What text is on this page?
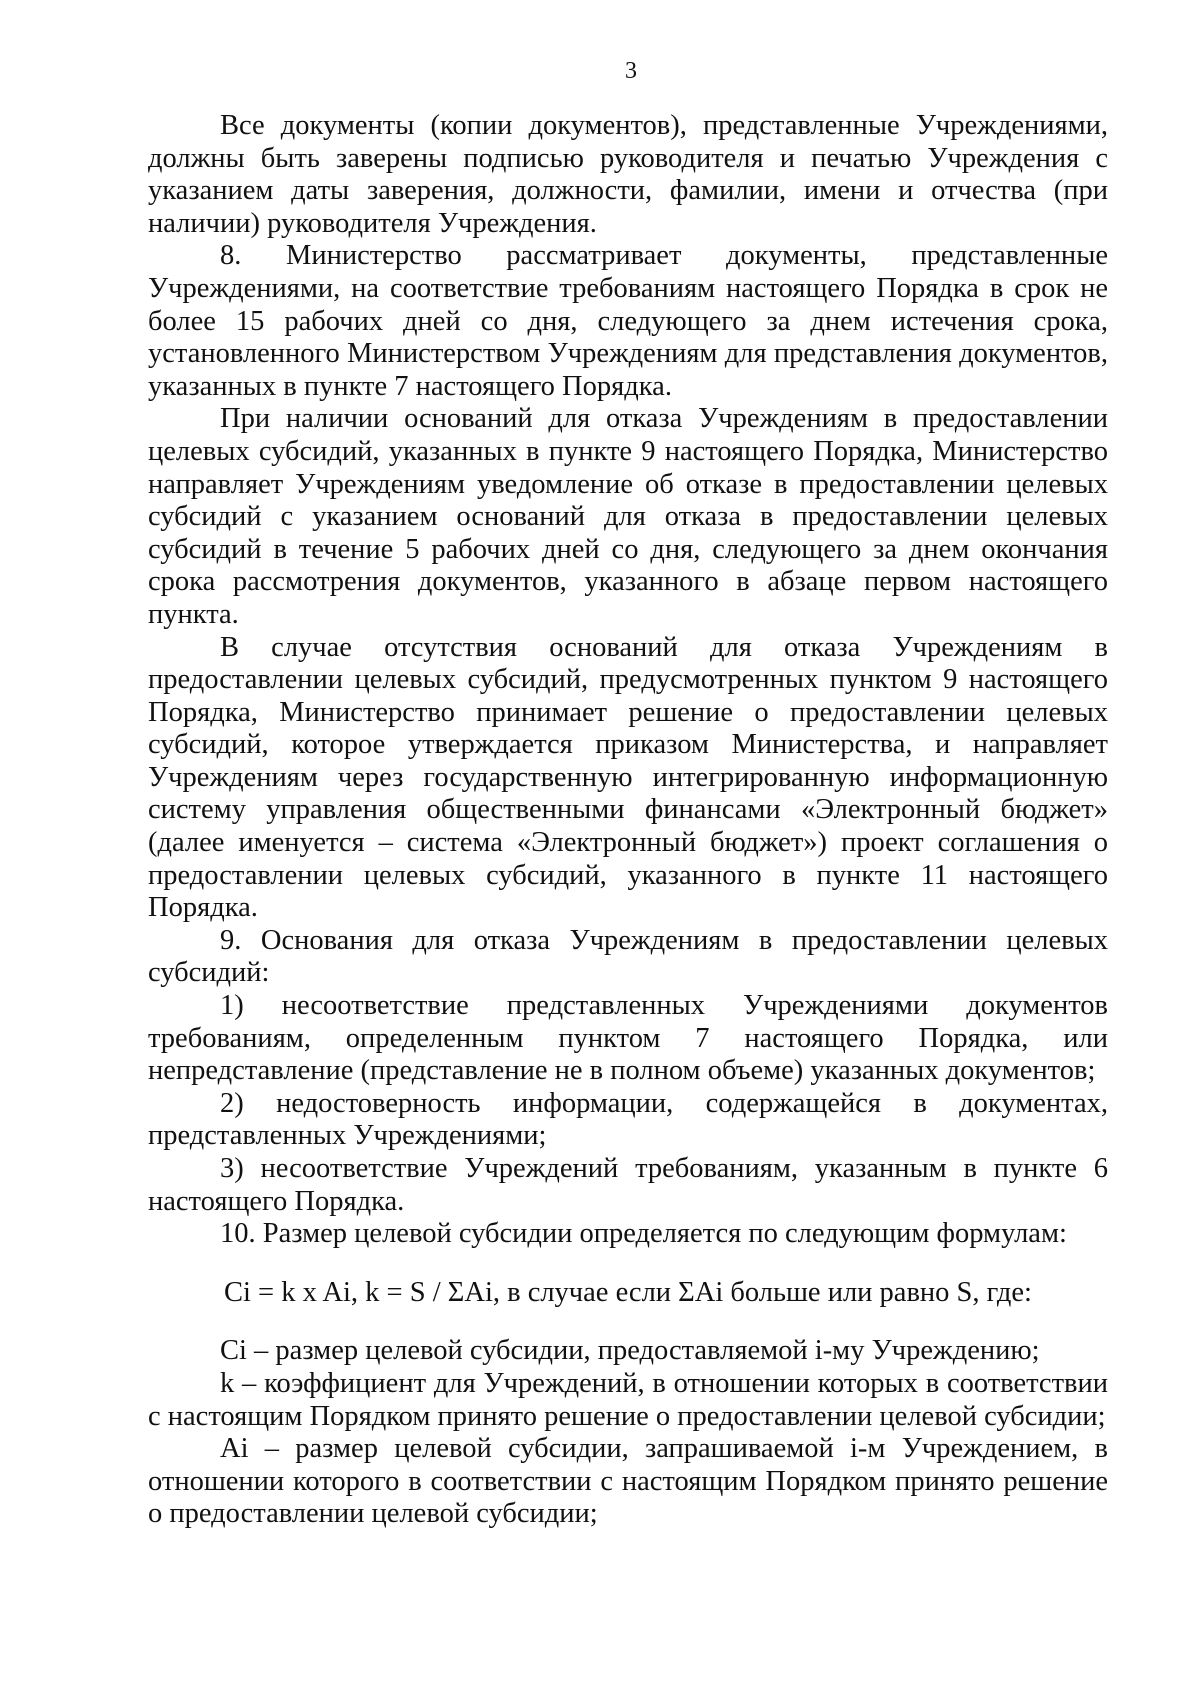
3

Все документы (копии документов), представленные Учреждениями, должны быть заверены подписью руководителя и печатью Учреждения с указанием даты заверения, должности, фамилии, имени и отчества (при наличии) руководителя Учреждения.

8. Министерство рассматривает документы, представленные Учреждениями, на соответствие требованиям настоящего Порядка в срок не более 15 рабочих дней со дня, следующего за днем истечения срока, установленного Министерством Учреждениям для представления документов, указанных в пункте 7 настоящего Порядка.

При наличии оснований для отказа Учреждениям в предоставлении целевых субсидий, указанных в пункте 9 настоящего Порядка, Министерство направляет Учреждениям уведомление об отказе в предоставлении целевых субсидий с указанием оснований для отказа в предоставлении целевых субсидий в течение 5 рабочих дней со дня, следующего за днем окончания срока рассмотрения документов, указанного в абзаце первом настоящего пункта.

В случае отсутствия оснований для отказа Учреждениям в предоставлении целевых субсидий, предусмотренных пунктом 9 настоящего Порядка, Министерство принимает решение о предоставлении целевых субсидий, которое утверждается приказом Министерства, и направляет Учреждениям через государственную интегрированную информационную систему управления общественными финансами «Электронный бюджет» (далее именуется – система «Электронный бюджет») проект соглашения о предоставлении целевых субсидий, указанного в пункте 11 настоящего Порядка.

9. Основания для отказа Учреждениям в предоставлении целевых субсидий:

1) несоответствие представленных Учреждениями документов требованиям, определенным пунктом 7 настоящего Порядка, или непредставление (представление не в полном объеме) указанных документов;

2) недостоверность информации, содержащейся в документах, представленных Учреждениями;

3) несоответствие Учреждений требованиям, указанным в пункте 6 настоящего Порядка.

10. Размер целевой субсидии определяется по следующим формулам:

Ci = k x Ai, k = S / ΣAi, в случае если ΣAi больше или равно S, где:

Ci – размер целевой субсидии, предоставляемой i-му Учреждению;

k – коэффициент для Учреждений, в отношении которых в соответствии с настоящим Порядком принято решение о предоставлении целевой субсидии;

Ai – размер целевой субсидии, запрашиваемой i-м Учреждением, в отношении которого в соответствии с настоящим Порядком принято решение о предоставлении целевой субсидии;
